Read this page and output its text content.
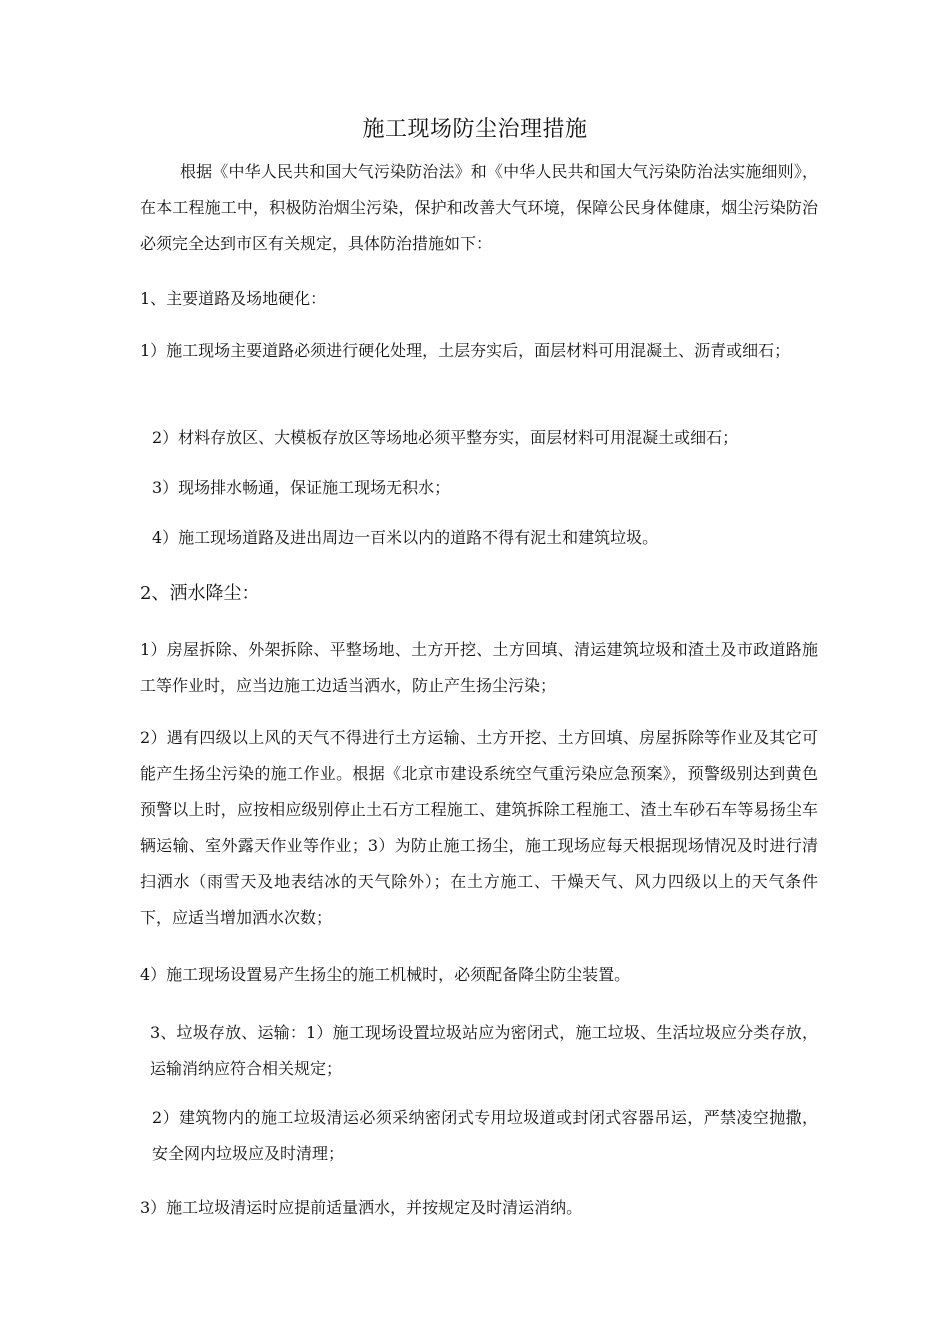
施工现场防尘治理措施
根据《中华人民共和国大气污染防治法》和《中华人民共和国大气污染防治法实施细则》，在本工程施工中，积极防治烟尘污染，保护和改善大气环境，保障公民身体健康，烟尘污染防治必须完全达到市区有关规定，具体防治措施如下：
1、主要道路及场地硬化：
1）施工现场主要道路必须进行硬化处理，土层夯实后，面层材料可用混凝土、沥青或细石；
2）材料存放区、大模板存放区等场地必须平整夯实，面层材料可用混凝土或细石；
3）现场排水畅通，保证施工现场无积水；
4）施工现场道路及进出周边一百米以内的道路不得有泥土和建筑垃圾。
2、洒水降尘：
1）房屋拆除、外架拆除、平整场地、土方开挖、土方回填、清运建筑垃圾和渣土及市政道路施工等作业时，应当边施工边适当洒水，防止产生扬尘污染；
2）遇有四级以上风的天气不得进行土方运输、土方开挖、土方回填、房屋拆除等作业及其它可能产生扬尘污染的施工作业。根据《北京市建设系统空气重污染应急预案》，预警级别达到黄色预警以上时，应按相应级别停止土石方工程施工、建筑拆除工程施工、渣土车砂石车等易扬尘车辆运输、室外露天作业等作业；3）为防止施工扬尘，施工现场应每天根据现场情况及时进行清扫洒水（雨雪天及地表结冰的天气除外）；在土方施工、干燥天气、风力四级以上的天气条件下，应适当增加洒水次数；
4）施工现场设置易产生扬尘的施工机械时，必须配备降尘防尘装置。
3、垃圾存放、运输：1）施工现场设置垃圾站应为密闭式，施工垃圾、生活垃圾应分类存放，运输消纳应符合相关规定；
2）建筑物内的施工垃圾清运必须采纳密闭式专用垃圾道或封闭式容器吊运，严禁凌空抛撒，安全网内垃圾应及时清理；
3）施工垃圾清运时应提前适量洒水，并按规定及时清运消纳。
